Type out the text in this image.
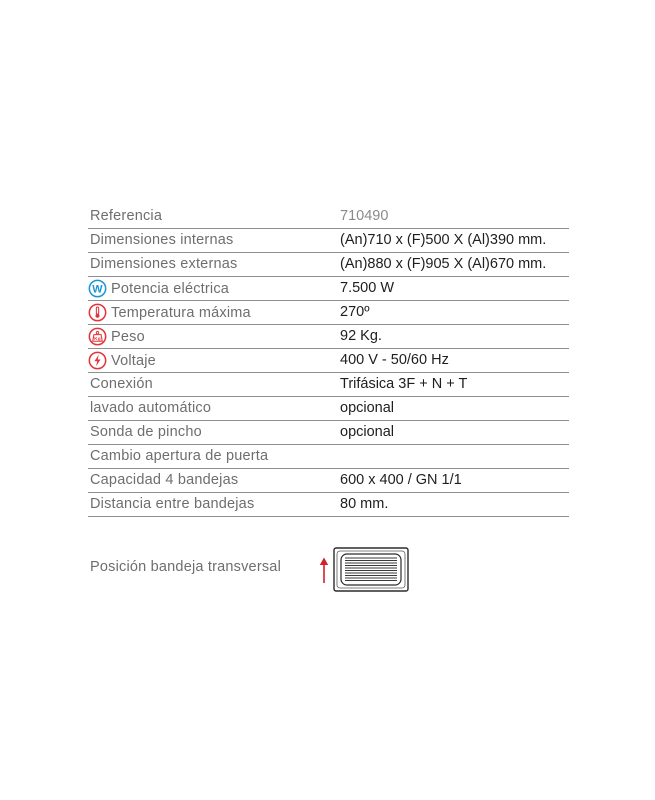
Referencia	710490
Dimensiones internas	(An)710 x (F)500 X (Al)390 mm.
Dimensiones externas	(An)880 x (F)905 X (Al)670 mm.
W Potencia eléctrica	7.500 W
Temperatura máxima	270º
Kg Peso	92 Kg.
Voltaje	400 V - 50/60 Hz
Conexión	Trifásica 3F + N + T
lavado automático	opcional
Sonda de pincho	opcional
Cambio apertura de puerta
Capacidad 4 bandejas	600 x 400 / GN 1/1
Distancia entre bandejas	80 mm.
Posición bandeja transversal
